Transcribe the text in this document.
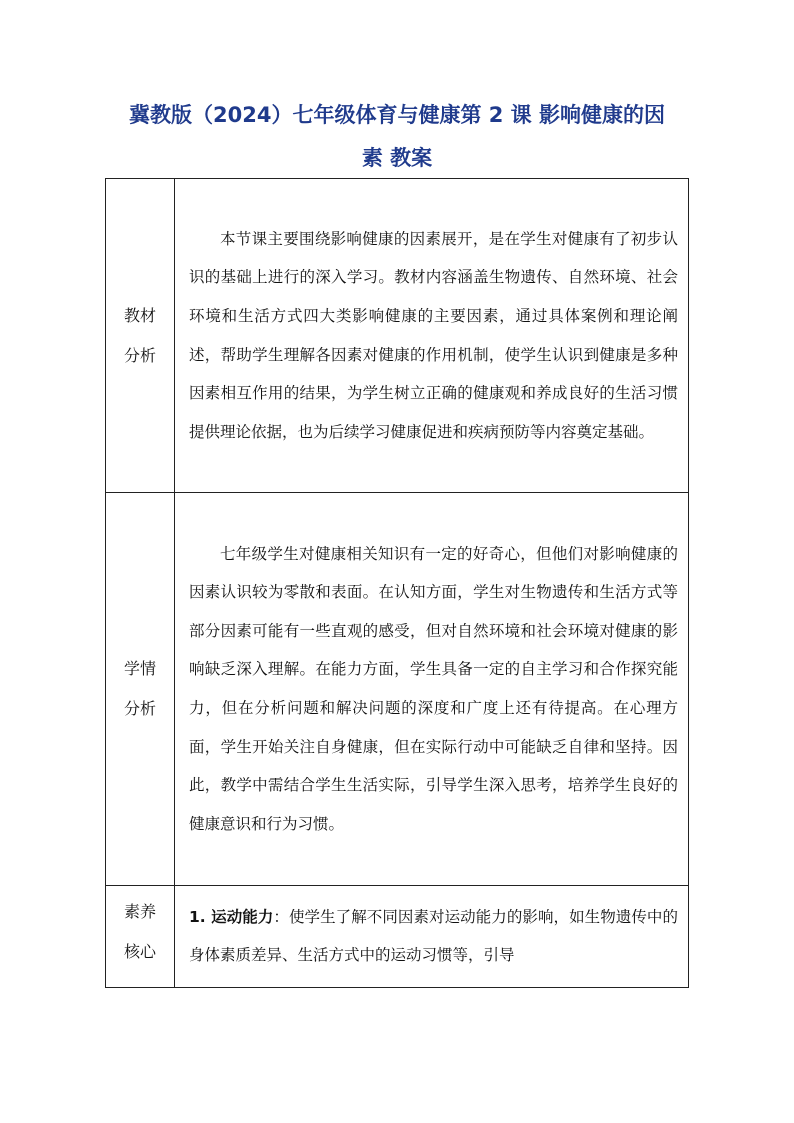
冀教版（2024）七年级体育与健康第 2 课 影响健康的因
素 教案
教材
分析	本节课主要围绕影响健康的因素展开，是在学生对健康有了初步认识的基础上进行的深入学习。教材内容涵盖生物遗传、自然环境、社会环境和生活方式四大类影响健康的主要因素，通过具体案例和理论阐述，帮助学生理解各因素对健康的作用机制，使学生认识到健康是多种因素相互作用的结果，为学生树立正确的健康观和养成良好的生活习惯提供理论依据，也为后续学习健康促进和疾病预防等内容奠定基础。

学情
分析	七年级学生对健康相关知识有一定的好奇心，但他们对影响健康的因素认识较为零散和表面。在认知方面，学生对生物遗传和生活方式等部分因素可能有一些直观的感受，但对自然环境和社会环境对健康的影响缺乏深入理解。在能力方面，学生具备一定的自主学习和合作探究能力，但在分析问题和解决问题的深度和广度上还有待提高。在心理方面，学生开始关注自身健康，但在实际行动中可能缺乏自律和坚持。因此，教学中需结合学生生活实际，引导学生深入思考，培养学生良好的健康意识和行为习惯。

素养
核心	1. 运动能力：使学生了解不同因素对运动能力的影响，如生物遗传中的身体素质差异、生活方式中的运动习惯等，引导
